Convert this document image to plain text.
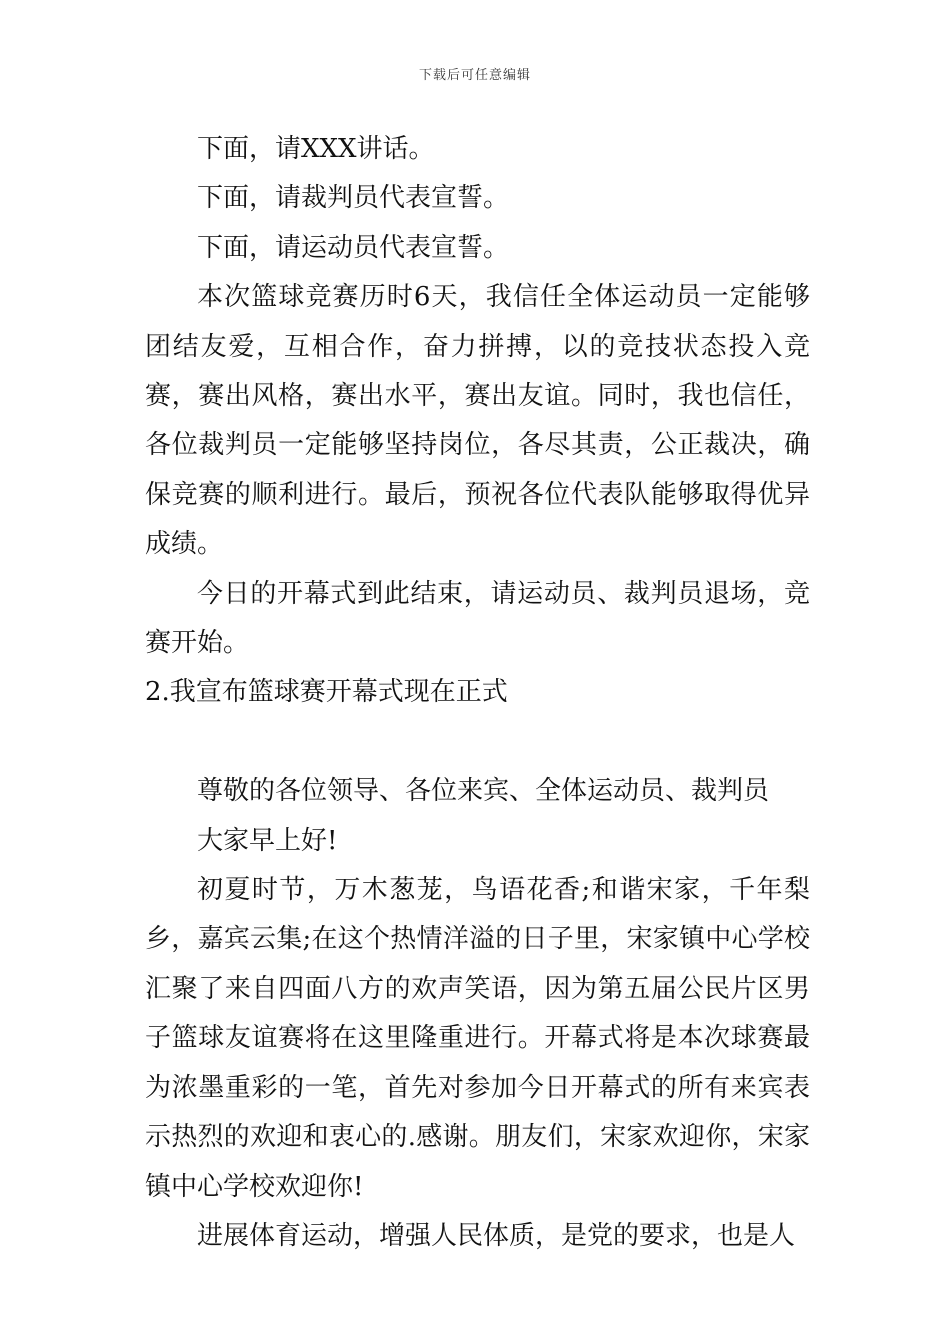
下载后可任意编辑

下面，请XXX讲话。

下面，请裁判员代表宣誓。

下面，请运动员代表宣誓。

本次篮球竞赛历时6天，我信任全体运动员一定能够团结友爱，互相合作，奋力拼搏，以的竞技状态投入竞赛，赛出风格，赛出水平，赛出友谊。同时，我也信任，各位裁判员一定能够坚持岗位，各尽其责，公正裁决，确保竞赛的顺利进行。最后，预祝各位代表队能够取得优异成绩。

今日的开幕式到此结束，请运动员、裁判员退场，竞赛开始。

2.我宣布篮球赛开幕式现在正式

尊敬的各位领导、各位来宾、全体运动员、裁判员

大家早上好!

初夏时节，万木葱茏，鸟语花香;和谐宋家，千年梨乡，嘉宾云集;在这个热情洋溢的日子里，宋家镇中心学校汇聚了来自四面八方的欢声笑语，因为第五届公民片区男子篮球友谊赛将在这里隆重进行。开幕式将是本次球赛最为浓墨重彩的一笔，首先对参加今日开幕式的所有来宾表示热烈的欢迎和衷心的.感谢。朋友们，宋家欢迎你，宋家镇中心学校欢迎你!

进展体育运动，增强人民体质，是党的要求，也是人
